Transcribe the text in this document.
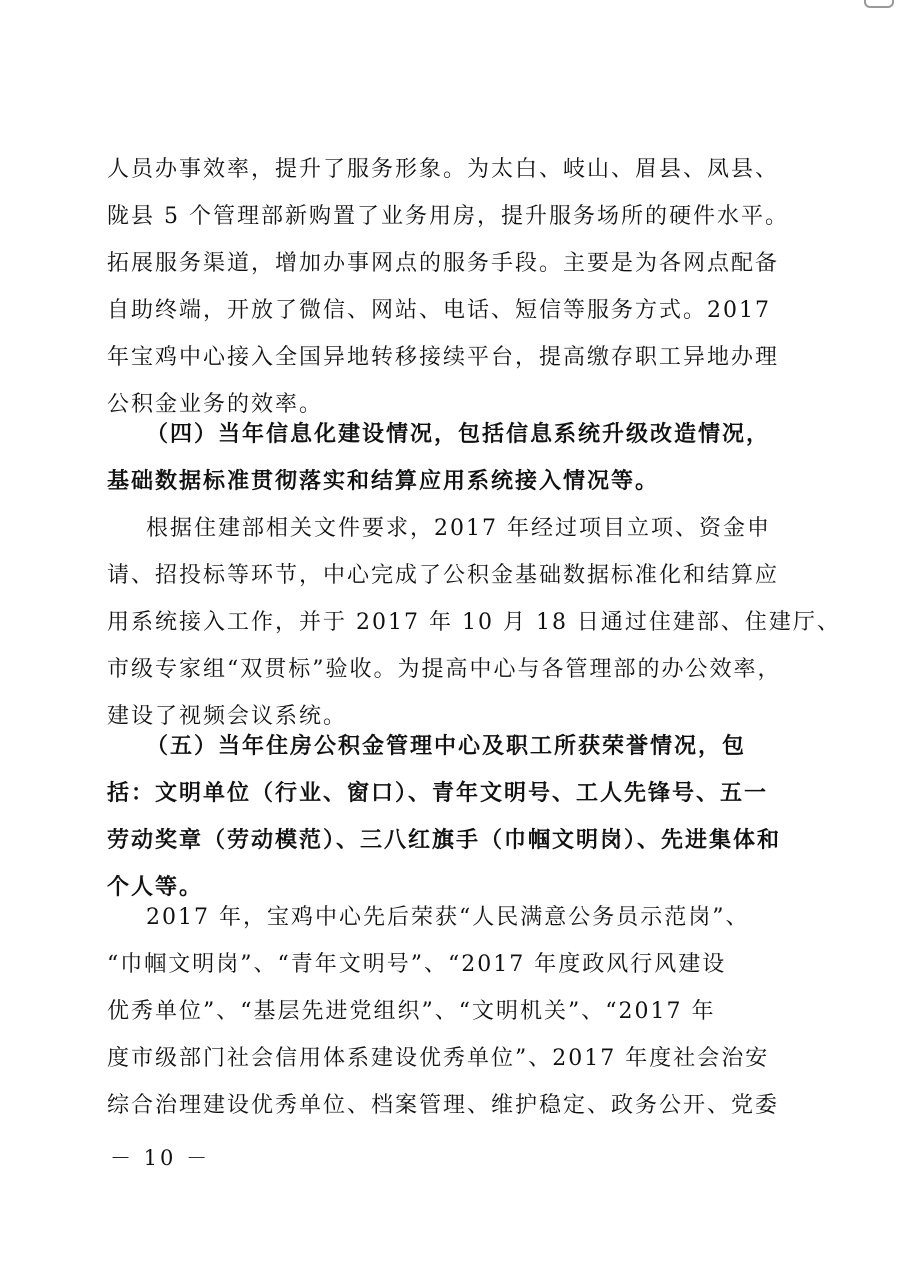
人员办事效率，提升了服务形象。为太白、岐山、眉县、凤县、

陇县 5 个管理部新购置了业务用房，提升服务场所的硬件水平。

拓展服务渠道，增加办事网点的服务手段。主要是为各网点配备

自助终端，开放了微信、网站、电话、短信等服务方式。2017

年宝鸡中心接入全国异地转移接续平台，提高缴存职工异地办理

公积金业务的效率。

（四）当年信息化建设情况，包括信息系统升级改造情况，

基础数据标准贯彻落实和结算应用系统接入情况等。

根据住建部相关文件要求，2017 年经过项目立项、资金申

请、招投标等环节，中心完成了公积金基础数据标准化和结算应

用系统接入工作，并于 2017 年 10 月 18 日通过住建部、住建厅、

市级专家组“双贯标”验收。为提高中心与各管理部的办公效率，

建设了视频会议系统。

（五）当年住房公积金管理中心及职工所获荣誉情况，包

括：文明单位（行业、窗口）、青年文明号、工人先锋号、五一

劳动奖章（劳动模范）、三八红旗手（巾帼文明岗）、先进集体和

个人等。

2017 年，宝鸡中心先后荣获“人民满意公务员示范岗”、

“巾帼文明岗”、“青年文明号”、“2017 年度政风行风建设

优秀单位”、“基层先进党组织”、“文明机关”、“2017 年

度市级部门社会信用体系建设优秀单位”、2017 年度社会治安

综合治理建设优秀单位、档案管理、维护稳定、政务公开、党委

－ 10 －
